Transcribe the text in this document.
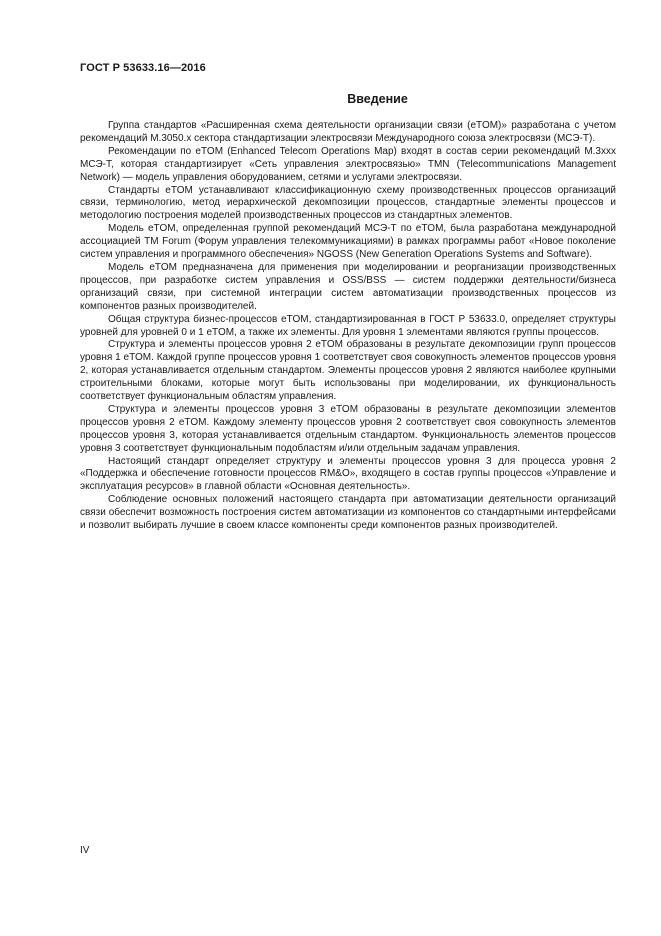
ГОСТ Р 53633.16—2016
Введение

Группа стандартов «Расширенная схема деятельности организации связи (eTOM)» разработана с учетом рекомендаций M.3050.x сектора стандартизации электросвязи Международного союза электросвязи (МСЭ-Т).

Рекомендации по eTOM (Enhanced Telecom Operations Map) входят в состав серии рекомендаций M.3xxx МСЭ-Т, которая стандартизирует «Сеть управления электросвязью» TMN (Telecommunications Management Network) — модель управления оборудованием, сетями и услугами электросвязи.

Стандарты eTOM устанавливают классификационную схему производственных процессов организаций связи, терминологию, метод иерархической декомпозиции процессов, стандартные элементы процессов и методологию построения моделей производственных процессов из стандартных элементов.

Модель eTOM, определенная группой рекомендаций МСЭ-Т по eTOM, была разработана международной ассоциацией TM Forum (Форум управления телекоммуникациями) в рамках программы работ «Новое поколение систем управления и программного обеспечения» NGOSS (New Generation Operations Systems and Software).

Модель eTOM предназначена для применения при моделировании и реорганизации производственных процессов, при разработке систем управления и OSS/BSS — систем поддержки деятельности/бизнеса организаций связи, при системной интеграции систем автоматизации производственных процессов из компонентов разных производителей.

Общая структура бизнес-процессов eTOM, стандартизированная в ГОСТ Р 53633.0, определяет структуры уровней для уровней 0 и 1 eTOM, а также их элементы. Для уровня 1 элементами являются группы процессов.

Структура и элементы процессов уровня 2 eTOM образованы в результате декомпозиции групп процессов уровня 1 eTOM. Каждой группе процессов уровня 1 соответствует своя совокупность элементов процессов уровня 2, которая устанавливается отдельным стандартом. Элементы процессов уровня 2 являются наиболее крупными строительными блоками, которые могут быть использованы при моделировании, их функциональность соответствует функциональным областям управления.

Структура и элементы процессов уровня 3 eTOM образованы в результате декомпозиции элементов процессов уровня 2 eTOM. Каждому элементу процессов уровня 2 соответствует своя совокупность элементов процессов уровня 3, которая устанавливается отдельным стандартом. Функциональность элементов процессов уровня 3 соответствует функциональным подобластям и/или отдельным задачам управления.

Настоящий стандарт определяет структуру и элементы процессов уровня 3 для процесса уровня 2 «Поддержка и обеспечение готовности процессов RM&O», входящего в состав группы процессов «Управление и эксплуатация ресурсов» в главной области «Основная деятельность».

Соблюдение основных положений настоящего стандарта при автоматизации деятельности организаций связи обеспечит возможность построения систем автоматизации из компонентов со стандартными интерфейсами и позволит выбирать лучшие в своем классе компоненты среди компонентов разных производителей.

IV
